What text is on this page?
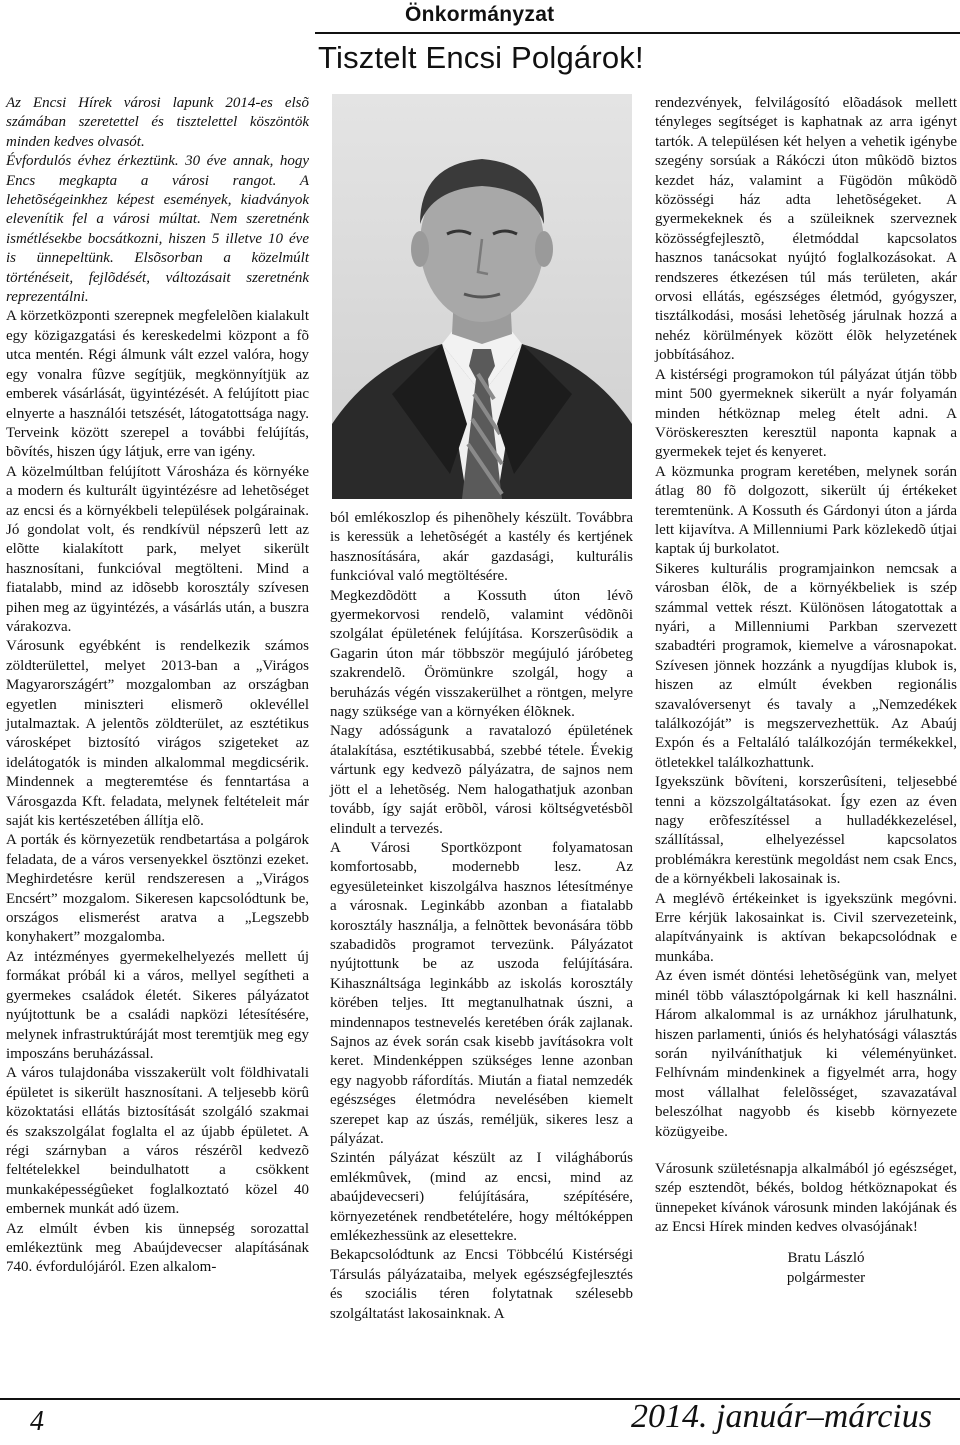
Önkormányzat
Tisztelt Encsi Polgárok!

Az Encsi Hírek városi lapunk 2014-es elsõ számában szeretettel és tisztelettel köszöntök minden kedves olvasót.

Évfordulós évhez érkeztünk. 30 éve annak, hogy Encs megkapta a városi rangot. A lehetõségeinkhez képest események, kiadványok elevenítik fel a városi múltat. Nem szeretnénk ismétlésekbe bocsátkozni, hiszen 5 illetve 10 éve is ünnepeltünk. Elsõsorban a közelmúlt történéseit, fejlõdését, változásait szeretnénk reprezentálni.

A körzetközponti szerepnek megfelelõen kialakult egy közigazgatási és kereskedelmi központ a fõ utca mentén. Régi álmunk vált ezzel valóra, hogy egy vonalra fûzve segítjük, megkönnyítjük az emberek vásárlását, ügyintézését. A felújított piac elnyerte a használói tetszését, látogatottsága nagy. Terveink között szerepel a további felújítás, bõvítés, hiszen úgy látjuk, erre van igény.

A közelmúltban felújított Városháza és környéke a modern és kulturált ügyintézésre ad lehetõséget az encsi és a környékbeli települések polgárainak. Jó gondolat volt, és rendkívül népszerû lett az elõtte kialakított park, melyet sikerült hasznosítani, funkcióval megtölteni. Mind a fiatalabb, mind az idõsebb korosztály szívesen pihen meg az ügyintézés, a vásárlás után, a buszra várakozva.

Városunk egyébként is rendelkezik számos zöldterülettel, melyet 2013-ban a „Virágos Magyarországért” mozgalomban az országban egyetlen miniszteri elismerõ oklevéllel jutalmaztak. A jelentõs zöldterület, az esztétikus városképet biztosító virágos szigeteket az idelátogatók is minden alkalommal megdicsérik. Mindennek a megteremtése és fenntartása a Városgazda Kft. feladata, melynek feltételeit már saját kis kertészetében állítja elõ.

A porták és környezetük rendbetartása a polgárok feladata, de a város versenyekkel ösztönzi ezeket. Meghirdetésre kerül rendszeresen a „Virágos Encsért” mozgalom. Sikeresen kapcsolódtunk be, országos elismerést aratva a „Legszebb konyhakert” mozgalomba.

Az intézményes gyermekelhelyezés mellett új formákat próbál ki a város, mellyel segítheti a gyermekes családok életét. Sikeres pályázatot nyújtottunk be a családi napközi létesítésére, melynek infrastruktúráját most teremtjük meg egy imposzáns beruházással.

A város tulajdonába visszakerült volt földhivatali épületet is sikerült hasznosítani. A teljesebb körû közoktatási ellátás biztosítását szolgáló szakmai és szakszolgálat foglalta el az újabb épületet. A régi szárnyban a város részérõl kedvezõ feltételekkel beindulhatott a csökkent munkaképességûeket foglalkoztató közel 40 embernek munkát adó üzem.

Az elmúlt évben kis ünnepség sorozattal emlékeztünk meg Abaújdevecser alapításának 740. évfordulójáról. Ezen alkalom-

ból emlékoszlop és pihenõhely készült. Továbbra is keressük a lehetõségét a kastély és kertjének hasznosítására, akár gazdasági, kulturális funkcióval való megtöltésére.

Megkezdõdött a Kossuth úton lévõ gyermekorvosi rendelõ, valamint védõnõi szolgálat épületének felújítása. Korszerûsödik a Gagarin úton már többször megújuló járóbeteg szakrendelõ. Örömünkre szolgál, hogy a beruházás végén visszakerülhet a röntgen, melyre nagy szüksége van a környéken élõknek.

Nagy adósságunk a ravatalozó épületének átalakítása, esztétikusabbá, szebbé tétele. Évekig vártunk egy kedvezõ pályázatra, de sajnos nem jött el a lehetõség. Nem halogathatjuk azonban tovább, így saját erõbõl, városi költségvetésbõl elindult a tervezés.

A Városi Sportközpont folyamatosan komfortosabb, modernebb lesz. Az egyesületeinket kiszolgálva hasznos létesítménye a városnak. Leginkább azonban a fiatalabb korosztály használja, a felnõttek bevonására több szabadidõs programot tervezünk. Pályázatot nyújtottunk be az uszoda felújítására. Kihasználtsága leginkább az iskolás korosztály körében teljes. Itt megtanulhatnak úszni, a mindennapos testnevelés keretében órák zajlanak. Sajnos az évek során csak kisebb javításokra volt keret. Mindenképpen szükséges lenne azonban egy nagyobb ráfordítás. Miután a fiatal nemzedék egészséges életmódra nevelésében kiemelt szerepet kap az úszás, reméljük, sikeres lesz a pályázat.

Szintén pályázat készült az I világháborús emlékmûvek, (mind az encsi, mind az abaújdevecseri) felújítására, szépítésére, környezetének rendbetételére, hogy méltóképpen emlékezhessünk az elesettekre.

Bekapcsolódtunk az Encsi Többcélú Kistérségi Társulás pályázataiba, melyek egészségfejlesztés és szociális téren folytatnak szélesebb szolgáltatást lakosainknak. A

rendezvények, felvilágosító elõadások mellett tényleges segítséget is kaphatnak az arra igényt tartók. A településen két helyen a vehetik igénybe szegény sorsúak a Rákóczi úton mûködõ biztos kezdet ház, valamint a Fügödön mûködõ közösségi ház adta lehetõségeket. A gyermekeknek és a szüleiknek szerveznek közösségfejlesztõ, életmóddal kapcsolatos hasznos tanácsokat nyújtó foglalkozásokat. A rendszeres étkezésen túl más területen, akár orvosi ellátás, egészséges életmód, gyógyszer, tisztálkodási, mosási lehetõség járulnak hozzá a nehéz körülmények között élõk helyzetének jobbításához.

A kistérségi programokon túl pályázat útján több mint 500 gyermeknek sikerült a nyár folyamán minden hétköznap meleg ételt adni. A Vöröskereszten keresztül naponta kapnak a gyermekek tejet és kenyeret.

A közmunka program keretében, melynek során átlag 80 fõ dolgozott, sikerült új értékeket teremtenünk. A Kossuth és Gárdonyi úton a járda lett kijavítva. A Millenniumi Park közlekedõ útjai kaptak új burkolatot.

Sikeres kulturális programjainkon nemcsak a városban élõk, de a környékbeliek is szép számmal vettek részt. Különösen látogatottak a nyári, a Millenniumi Parkban szervezett szabadtéri programok, kiemelve a városnapokat. Szívesen jönnek hozzánk a nyugdíjas klubok is, hiszen az elmúlt években regionális szavalóversenyt és tavaly a „Nemzedékek találkozóját” is megszervezhettük. Az Abaúj Expón és a Feltaláló találkozóján termékekkel, ötletekkel találkozhattunk.

Igyekszünk bõvíteni, korszerûsíteni, teljesebbé tenni a közszolgáltatásokat. Így ezen az éven nagy erõfeszítéssel a hulladékkezelésel, szállítással, elhelyezéssel kapcsolatos problémákra kerestünk megoldást nem csak Encs, de a környékbeli lakosainak is.

A meglévõ értékeinket is igyekszünk megóvni. Erre kérjük lakosainkat is. Civil szervezeteink, alapítványaink is aktívan bekapcsolódnak e munkába.

Az éven ismét döntési lehetõségünk van, melyet minél több választópolgárnak ki kell használni. Három alkalommal is az urnákhoz járulhatunk, hiszen parlamenti, úniós és helyhatósági választás során nyilváníthatjuk ki véleményünket. Felhívnám mindenkinek a figyelmét arra, hogy most vállalhat felelõsséget, szavazatával beleszólhat nagyobb és kisebb környezete közügyeibe.

Városunk születésnapja alkalmából jó egészséget, szép esztendõt, békés, boldog hétköznapokat és ünnepeket kívánok városunk minden lakójának és az Encsi Hírek minden kedves olvasójának!

Bratu László
polgármester
4	2014. január–március
